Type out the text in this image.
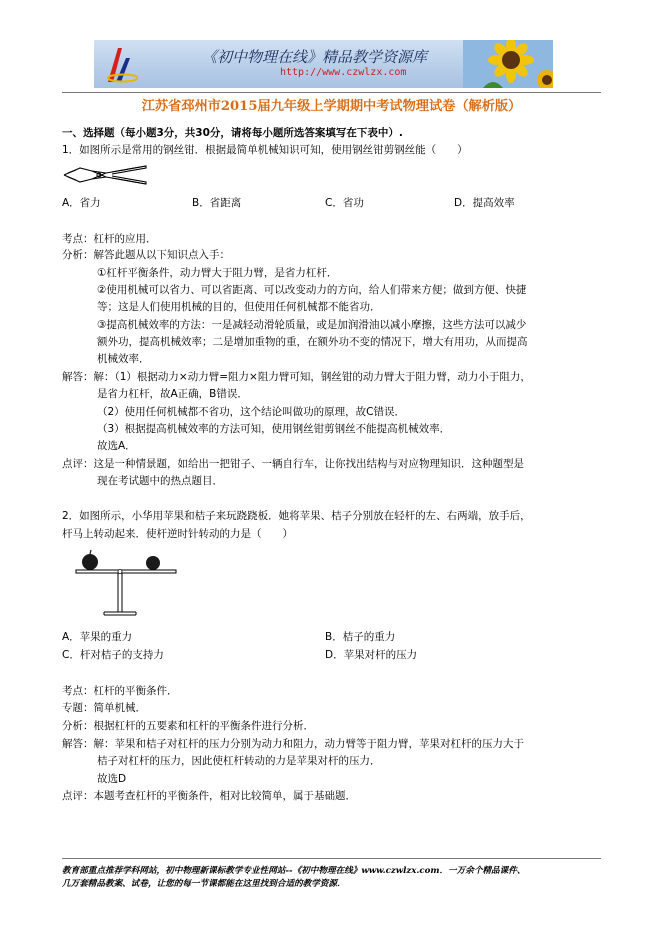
《初中物理在线》精品教学资源库
http://www.czwlzx.com
江苏省邳州市2015届九年级上学期期中考试物理试卷（解析版）
一、选择题（每小题3分，共30分，请将每小题所选答案填写在下表中）.
1．如图所示是常用的钢丝钳．根据最简单机械知识可知，使用钢丝钳剪钢丝能（　　）
A．省力	B．省距离	C．省功	D．提高效率
考点：杠杆的应用．
分析：解答此题从以下知识点入手：
①杠杆平衡条件，动力臂大于阻力臂，是省力杠杆．
②使用机械可以省力、可以省距离、可以改变动力的方向，给人们带来方便；做到方便、快捷
等；这是人们使用机械的目的，但使用任何机械都不能省功．
③提高机械效率的方法：一是减轻动滑轮质量，或是加润滑油以减小摩擦，这些方法可以减少
额外功，提高机械效率；二是增加重物的重，在额外功不变的情况下，增大有用功，从而提高
机械效率．
解答：解：（1）根据动力×动力臂=阻力×阻力臂可知，钢丝钳的动力臂大于阻力臂，动力小于阻力，
是省力杠杆，故A正确，B错误．
（2）使用任何机械都不省功，这个结论叫做功的原理，故C错误．
（3）根据提高机械效率的方法可知，使用钢丝钳剪钢丝不能提高机械效率．
故选A．
点评：这是一种情景题，如给出一把钳子、一辆自行车，让你找出结构与对应物理知识．这种题型是
现在考试题中的热点题目．
2．如图所示，小华用苹果和桔子来玩跷跷板．她将苹果、桔子分别放在轻杆的左、右两端，放手后，
杆马上转动起来．使杆逆时针转动的力是（　　）
A．苹果的重力	B．桔子的重力
C．杆对桔子的支持力	D．苹果对杆的压力
考点：杠杆的平衡条件．
专题：简单机械．
分析：根据杠杆的五要素和杠杆的平衡条件进行分析．
解答：解：苹果和桔子对杠杆的压力分别为动力和阻力，动力臂等于阻力臂，苹果对杠杆的压力大于
桔子对杠杆的压力，因此使杠杆转动的力是苹果对杆的压力．
故选D
点评：本题考查杠杆的平衡条件，相对比较简单，属于基础题．
教育部重点推荐学科网站，初中物理新课标教学专业性网站--《初中物理在线》www.czwlzx.com．一万余个精品课件、
几万套精品教案、试卷，让您的每一节课都能在这里找到合适的教学资源．
